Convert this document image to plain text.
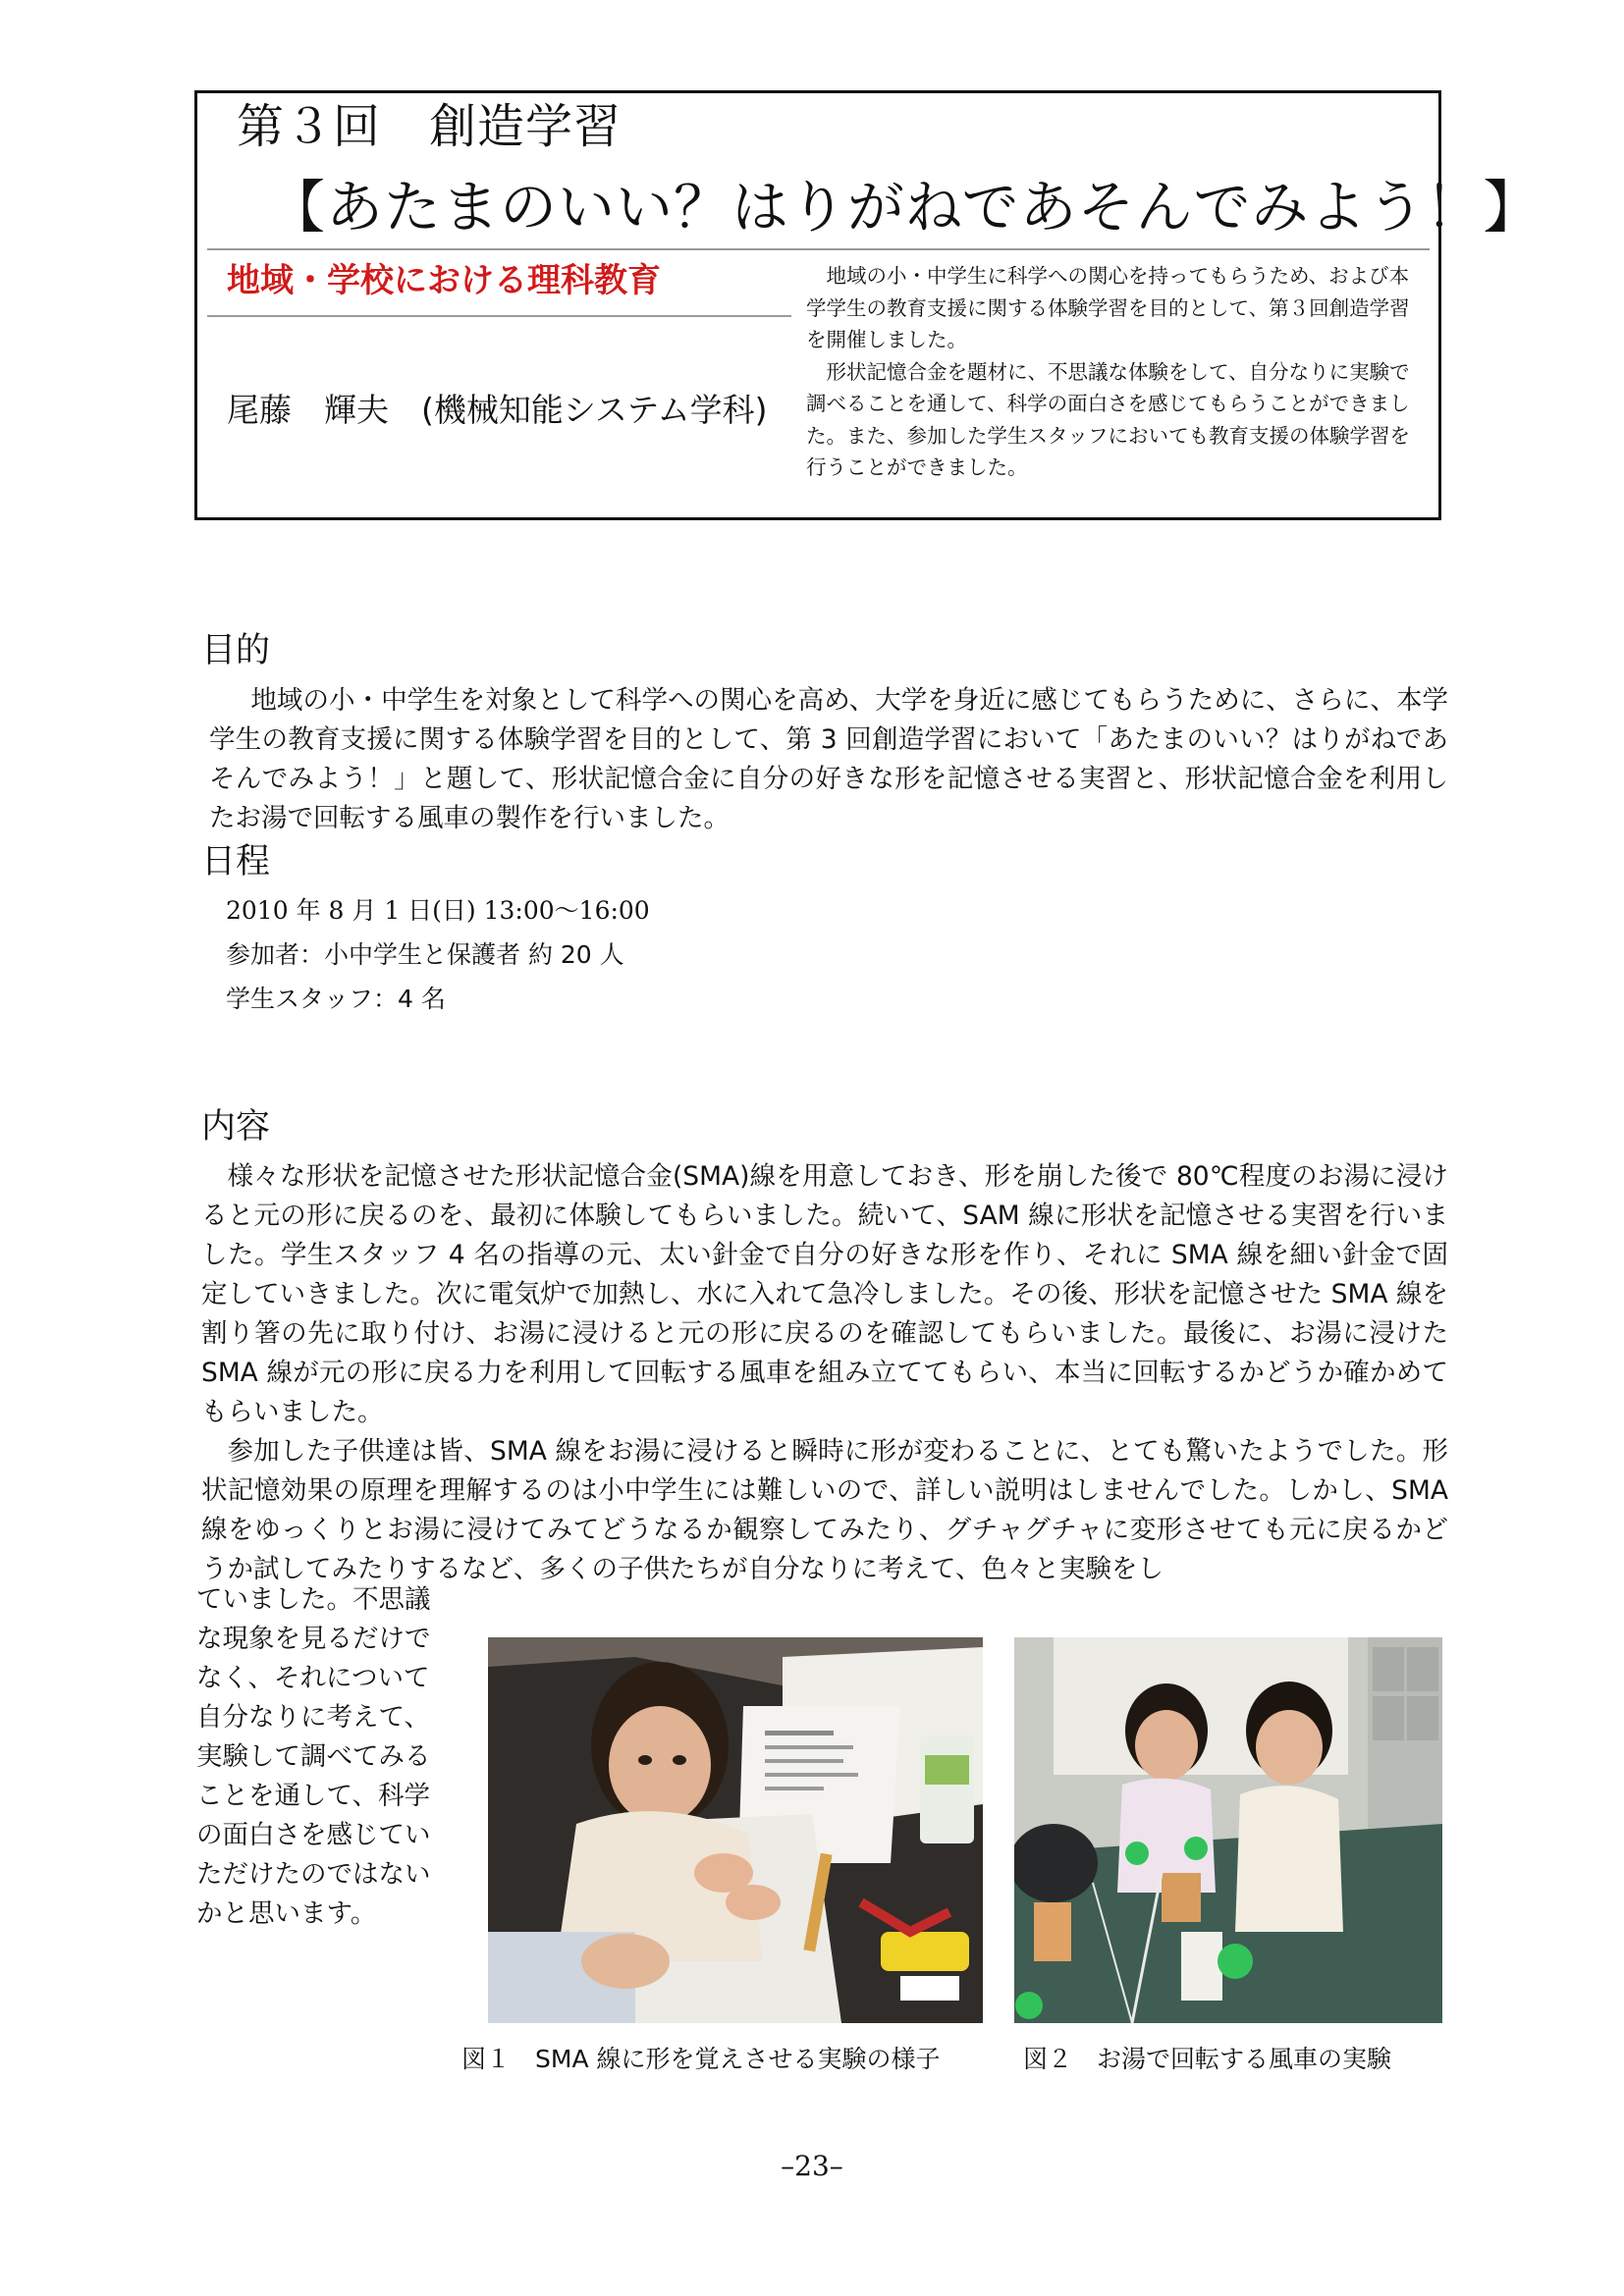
第３回　創造学習
【あたまのいい？はりがねであそんでみよう！】
地域・学校における理科教育
尾藤　輝夫　(機械知能システム学科)

地域の小・中学生に科学への関心を持ってもらうため、および本学学生の教育支援に関する体験学習を目的として、第３回創造学習を開催しました。

形状記憶合金を題材に、不思議な体験をして、自分なりに実験で調べることを通して、科学の面白さを感じてもらうことができました。また、参加した学生スタッフにおいても教育支援の体験学習を行うことができました。

目的

地域の小・中学生を対象として科学への関心を高め、大学を身近に感じてもらうために、さらに、本学学生の教育支援に関する体験学習を目的として、第 3 回創造学習において「あたまのいい？はりがねであそんでみよう！」と題して、形状記憶合金に自分の好きな形を記憶させる実習と、形状記憶合金を利用したお湯で回転する風車の製作を行いました。

日程
2010 年 8 月 1 日(日) 13:00～16:00
参加者：小中学生と保護者 約 20 人
学生スタッフ：4 名
内容

様々な形状を記憶させた形状記憶合金(SMA)線を用意しておき、形を崩した後で 80℃程度のお湯に浸けると元の形に戻るのを、最初に体験してもらいました。続いて、SAM 線に形状を記憶させる実習を行いました。学生スタッフ 4 名の指導の元、太い針金で自分の好きな形を作り、それに SMA 線を細い針金で固定していきました。次に電気炉で加熱し、水に入れて急冷しました。その後、形状を記憶させた SMA 線を割り箸の先に取り付け、お湯に浸けると元の形に戻るのを確認してもらいました。最後に、お湯に浸けた SMA 線が元の形に戻る力を利用して回転する風車を組み立ててもらい、本当に回転するかどうか確かめてもらいました。

参加した子供達は皆、SMA 線をお湯に浸けると瞬時に形が変わることに、とても驚いたようでした。形状記憶効果の原理を理解するのは小中学生には難しいので、詳しい説明はしませんでした。しかし、SMA 線をゆっくりとお湯に浸けてみてどうなるか観察してみたり、グチャグチャに変形させても元に戻るかどうか試してみたりするなど、多くの子供たちが自分なりに考えて、色々と実験をし

ていました。不思議
な現象を見るだけで
なく、それについて
自分なりに考えて、
実験して調べてみる
ことを通して、科学
の面白さを感じてい
ただけたのではない
かと思います。
図１　SMA 線に形を覚えさせる実験の様子	図２　お湯で回転する風車の実験
–23–
